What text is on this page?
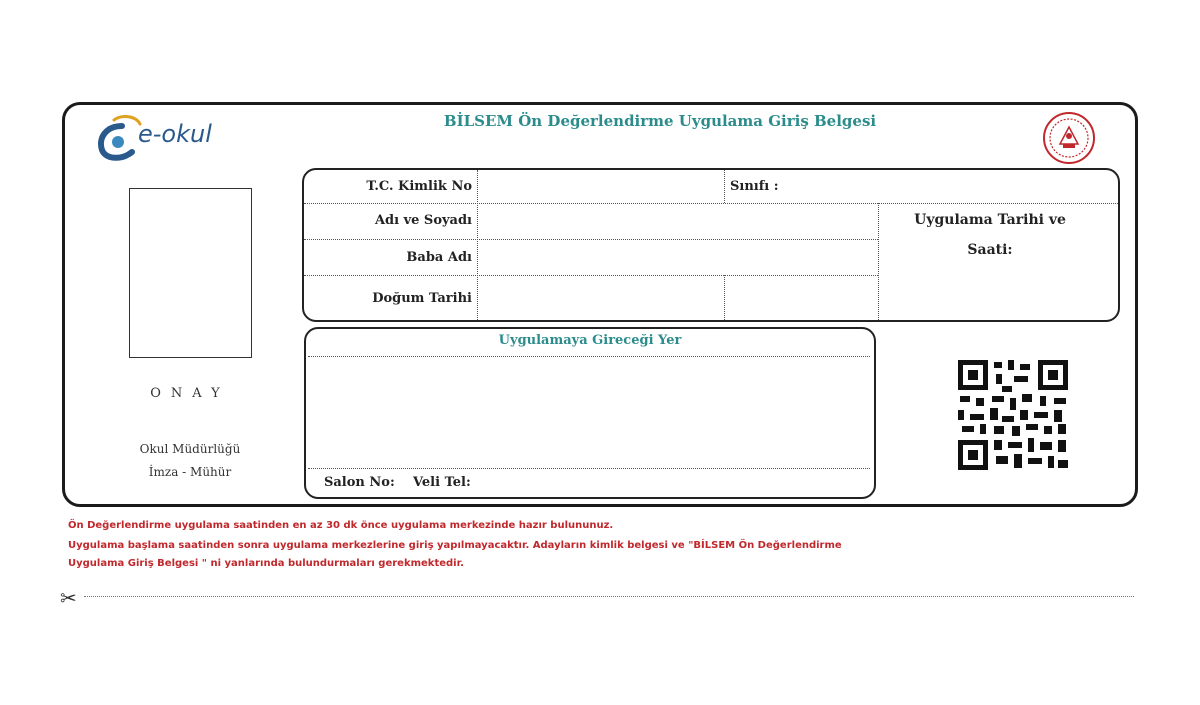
e-okul	BİLSEM Ön Değerlendirme Uygulama Giriş Belgesi
ONAY
Okul Müdürlüğü
İmza - Mühür
T.C. Kimlik No	Sınıfı :
Adı ve Soyadı
Baba Adı
Doğum Tarihi
Uygulama Tarihi ve
Saati:
Uygulamaya Gireceği Yer
Salon No: Veli Tel:
Ön Değerlendirme uygulama saatinden en az 30 dk önce uygulama merkezinde hazır bulununuz.
Uygulama başlama saatinden sonra uygulama merkezlerine giriş yapılmayacaktır. Adayların kimlik belgesi ve "BİLSEM Ön Değerlendirme
Uygulama Giriş Belgesi " ni yanlarında bulundurmaları gerekmektedir.
✂
